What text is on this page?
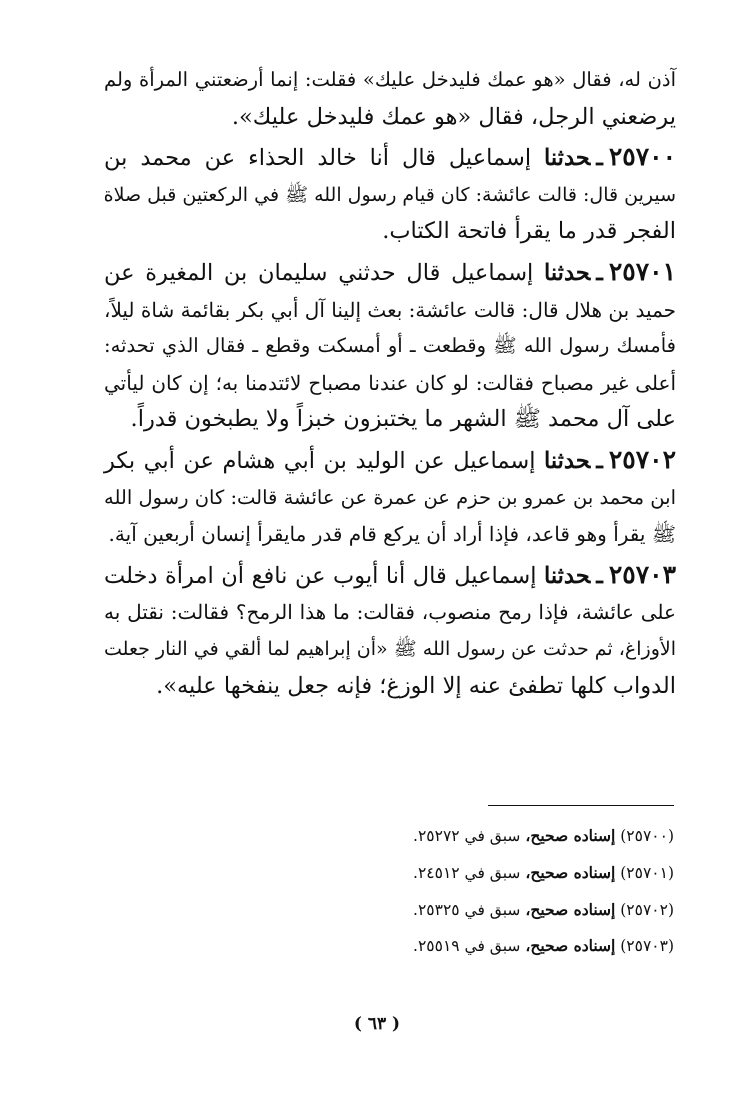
آذن له، فقال «هو عمك فليدخل عليك» فقلت: إنما أرضعتني المرأة ولم
يرضعني الرجل، فقال «هو عمك فليدخل عليك».
٢٥٧٠٠ـحدثنا إسماعيل قال أنا خالد الحذاء عن محمد بن
سيرين قال: قالت عائشة: كان قيام رسول الله ﷺ في الركعتين قبل صلاة
الفجر قدر ما يقرأ فاتحة الكتاب.
٢٥٧٠١ـحدثنا إسماعيل قال حدثني سليمان بن المغيرة عن
حميد بن هلال قال: قالت عائشة: بعث إلينا آل أبي بكر بقائمة شاة ليلاً،
فأمسك رسول الله ﷺ وقطعت ـ أو أمسكت وقطع ـ فقال الذي تحدثه:
أعلى غير مصباح فقالت: لو كان عندنا مصباح لائتدمنا به؛ إن كان ليأتي
على آل محمد ﷺ الشهر ما يختبزون خبزاً ولا يطبخون قدراً.
٢٥٧٠٢ـحدثنا إسماعيل عن الوليد بن أبي هشام عن أبي بكر
ابن محمد بن عمرو بن حزم عن عمرة عن عائشة قالت: كان رسول الله
ﷺ يقرأ وهو قاعد، فإذا أراد أن يركع قام قدر مايقرأ إنسان أربعين آية.
٢٥٧٠٣ـحدثنا إسماعيل قال أنا أيوب عن نافع أن امرأة دخلت
على عائشة، فإذا رمح منصوب، فقالت: ما هذا الرمح؟ فقالت: نقتل به
الأوزاغ، ثم حدثت عن رسول الله ﷺ «أن إبراهيم لما ألقي في النار جعلت
الدواب كلها تطفئ عنه إلا الوزغ؛ فإنه جعل ينفخها عليه».
(٢٥٧٠٠) إسناده صحيح، سبق في ٢٥٢٧٢.
(٢٥٧٠١) إسناده صحيح، سبق في ٢٤٥١٢.
(٢٥٧٠٢) إسناده صحيح، سبق في ٢٥٣٢٥.
(٢٥٧٠٣) إسناده صحيح، سبق في ٢٥٥١٩.
( ٦٣ )
